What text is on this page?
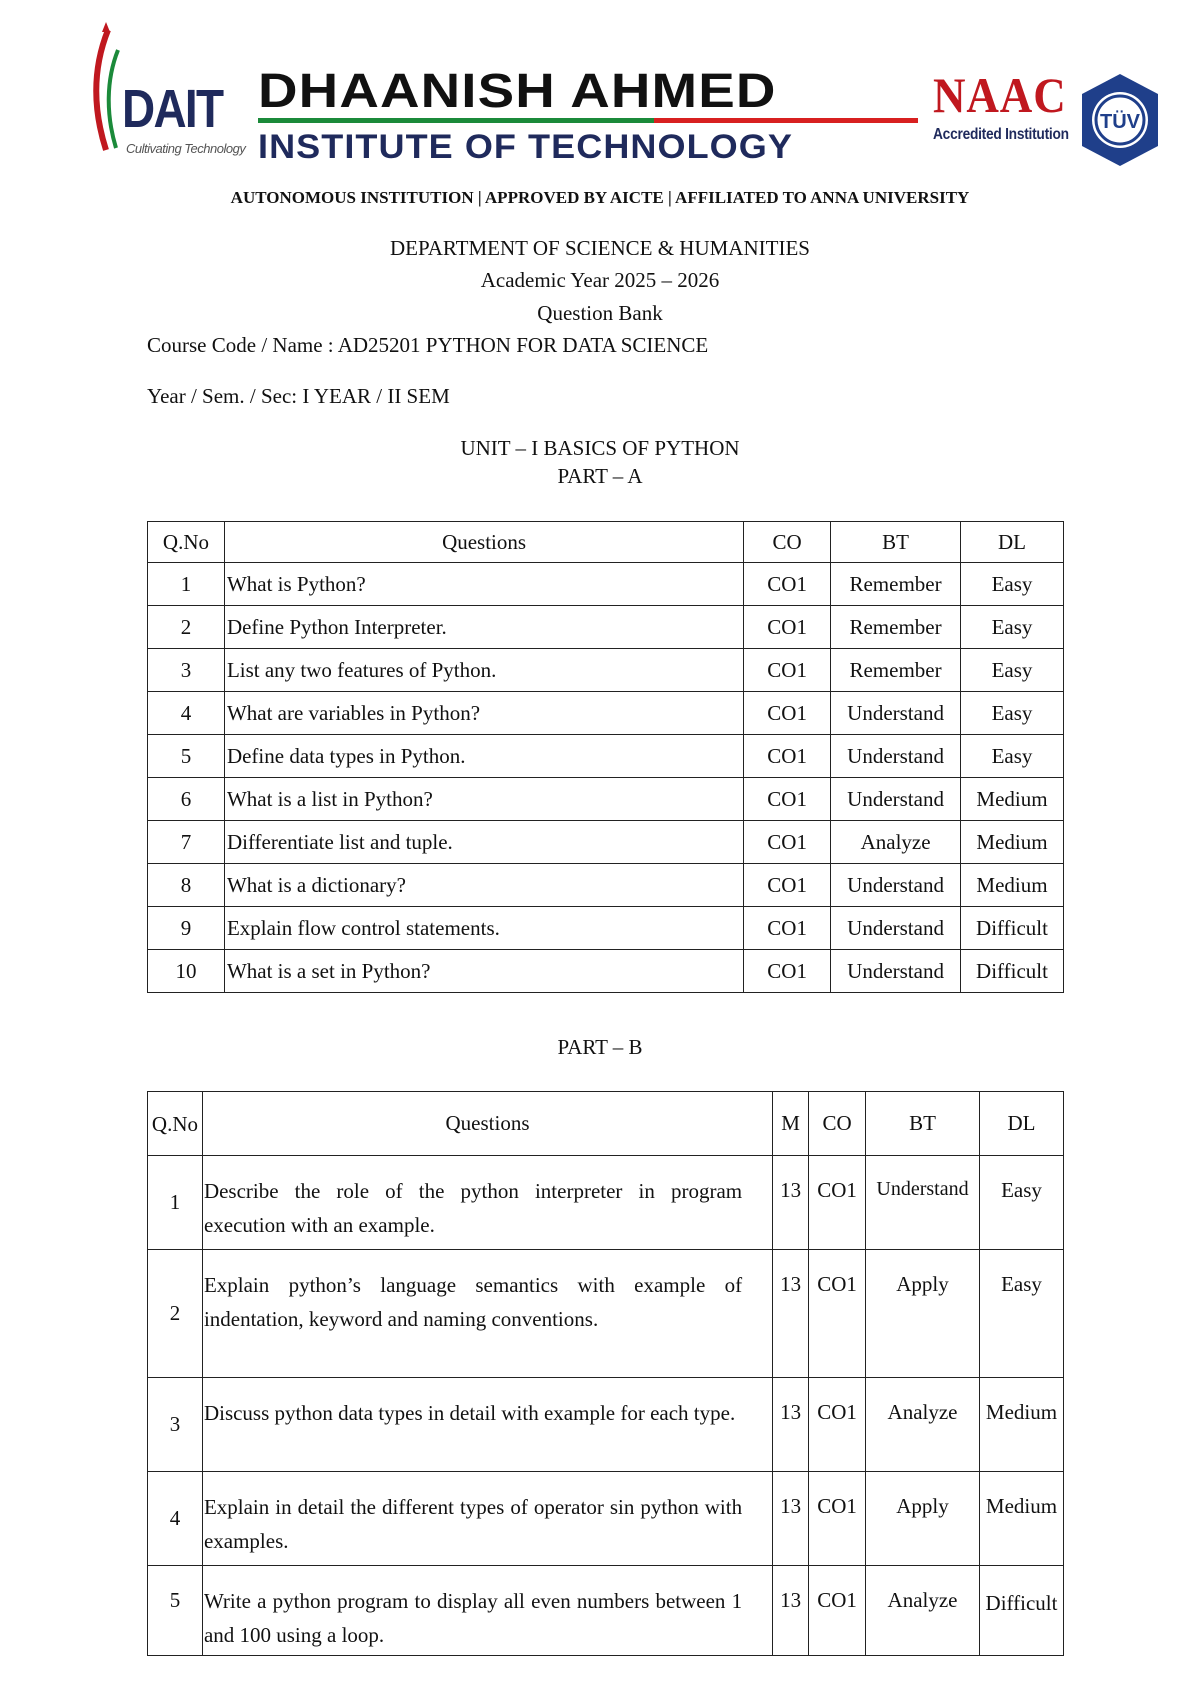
DAIT
Cultivating Technology
DHAANISH AHMED
INSTITUTE OF TECHNOLOGY
NAAC
Accredited Institution
TÜV
AUTONOMOUS INSTITUTION | APPROVED BY AICTE | AFFILIATED TO ANNA UNIVERSITY
DEPARTMENT OF SCIENCE & HUMANITIES
Academic Year 2025 – 2026
Question Bank
Course Code / Name : AD25201 PYTHON FOR DATA SCIENCE
Year / Sem. / Sec: I YEAR / II SEM
UNIT – I BASICS OF PYTHON
PART – A
Q.No	Questions	CO	BT	DL
1	What is Python?	CO1	Remember	Easy
2	Define Python Interpreter.	CO1	Remember	Easy
3	List any two features of Python.	CO1	Remember	Easy
4	What are variables in Python?	CO1	Understand	Easy
5	Define data types in Python.	CO1	Understand	Easy
6	What is a list in Python?	CO1	Understand	Medium
7	Differentiate list and tuple.	CO1	Analyze	Medium
8	What is a dictionary?	CO1	Understand	Medium
9	Explain flow control statements.	CO1	Understand	Difficult
10	What is a set in Python?	CO1	Understand	Difficult
PART – B
Q.No	Questions	M	CO	BT	DL
1	Describe the role of the python interpreter in program execution with an example.	13	CO1	Understand	Easy
2	Explain python’s language semantics with example of indentation, keyword and naming conventions.	13	CO1	Apply	Easy
3	Discuss python data types in detail with example for each type.	13	CO1	Analyze	Medium
4	Explain in detail the different types of operator sin python with examples.	13	CO1	Apply	Medium
5	Write a python program to display all even numbers between 1 and 100 using a loop.	13	CO1	Analyze	Difficult
